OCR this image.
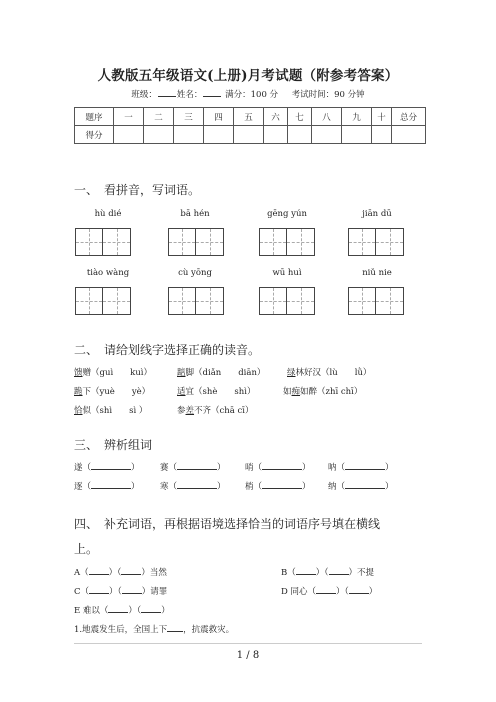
人教版五年级语文(上册)月考试题（附参考答案）
班级： 姓名：	满分：100 分 考试时间：90 分钟
题序	一	二	三	四	五	六	七	八	九	十	总分
得分											
一、 看拼音，写词语。
hù dié	bā hén	gēng yún	jiān dū
tiào wàng	cù yōng	wū huì	niǔ nie
二、 请给划线字选择正确的读音。
馈赠（guì　　kuì）	踮脚（diǎn　　diān）	绿林好汉（lù　　lǜ）
跪下（yuè　　yè）	适宜（shè　　shì）	如痴如醉（zhī chī）
恰似（shì　　sì ）	参差不齐（chā cī）
三、 辨析组词
遂（	） 赛（	） 哨（	） 呐（	）
逐（	） 寒（	） 梢（	） 纳（	）
四、 补充词语，再根据语境选择恰当的词语序号填在横线
上。
A（ ）（ ）当然	B（ ）（ ）不提
C（ ）（ ）请罪	D 同心（ ）（ ）
E 难以（ ）（ ）
1.地震发生后，全国上下 ，抗震救灾。
1 / 8
